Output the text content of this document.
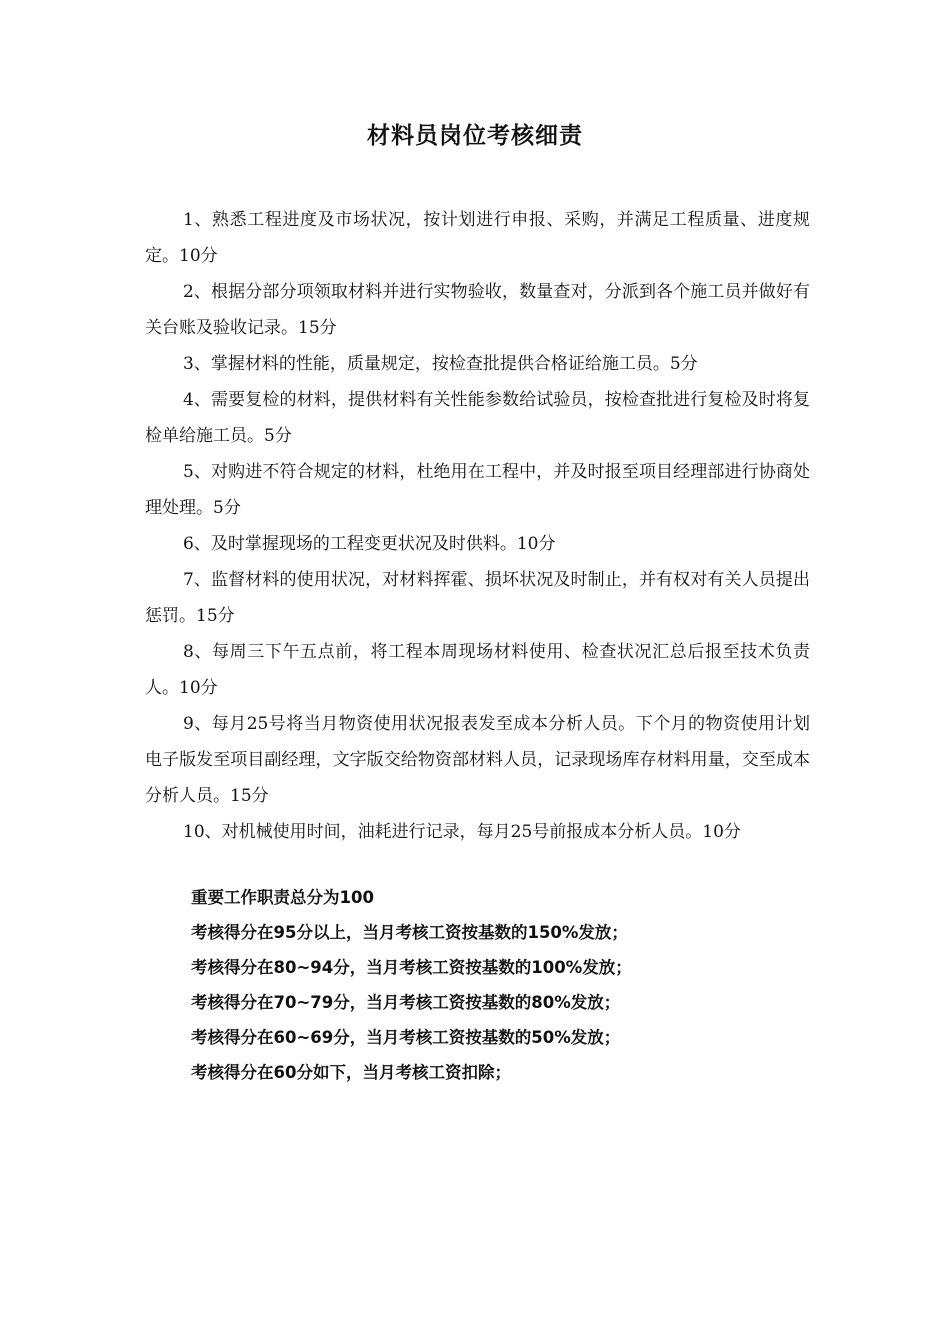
材料员岗位考核细责

1、熟悉工程进度及市场状况，按计划进行申报、采购，并满足工程质量、进度规定。10分

2、根据分部分项领取材料并进行实物验收，数量查对，分派到各个施工员并做好有关台账及验收记录。15分

3、掌握材料的性能，质量规定，按检查批提供合格证给施工员。5分

4、需要复检的材料，提供材料有关性能参数给试验员，按检查批进行复检及时将复检单给施工员。5分

5、对购进不符合规定的材料，杜绝用在工程中，并及时报至项目经理部进行协商处理处理。5分

6、及时掌握现场的工程变更状况及时供料。10分

7、监督材料的使用状况，对材料挥霍、损坏状况及时制止，并有权对有关人员提出惩罚。15分

8、每周三下午五点前，将工程本周现场材料使用、检查状况汇总后报至技术负责人。10分

9、每月25号将当月物资使用状况报表发至成本分析人员。下个月的物资使用计划电子版发至项目副经理，文字版交给物资部材料人员，记录现场库存材料用量，交至成本分析人员。15分

10、对机械使用时间，油耗进行记录，每月25号前报成本分析人员。10分

重要工作职责总分为100

考核得分在95分以上，当月考核工资按基数的150%发放；

考核得分在80~94分，当月考核工资按基数的100%发放；

考核得分在70~79分，当月考核工资按基数的80%发放；

考核得分在60~69分，当月考核工资按基数的50%发放；

考核得分在60分如下，当月考核工资扣除；
